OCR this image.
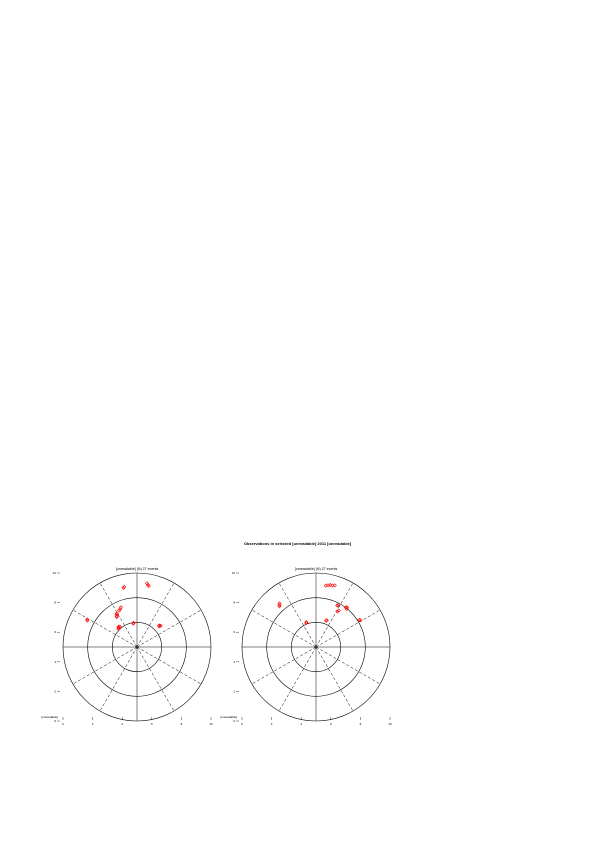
Observations in selected [unreadable] 2011 [unreadable]
[unreadable] (N) 27 events
10
8
6
4
2
0
0	2	4	6	8	10
[unreadable]
[unreadable] (N) 27 events
10
8
6
4
2
0
0	2	4	6	8	10
[unreadable]
